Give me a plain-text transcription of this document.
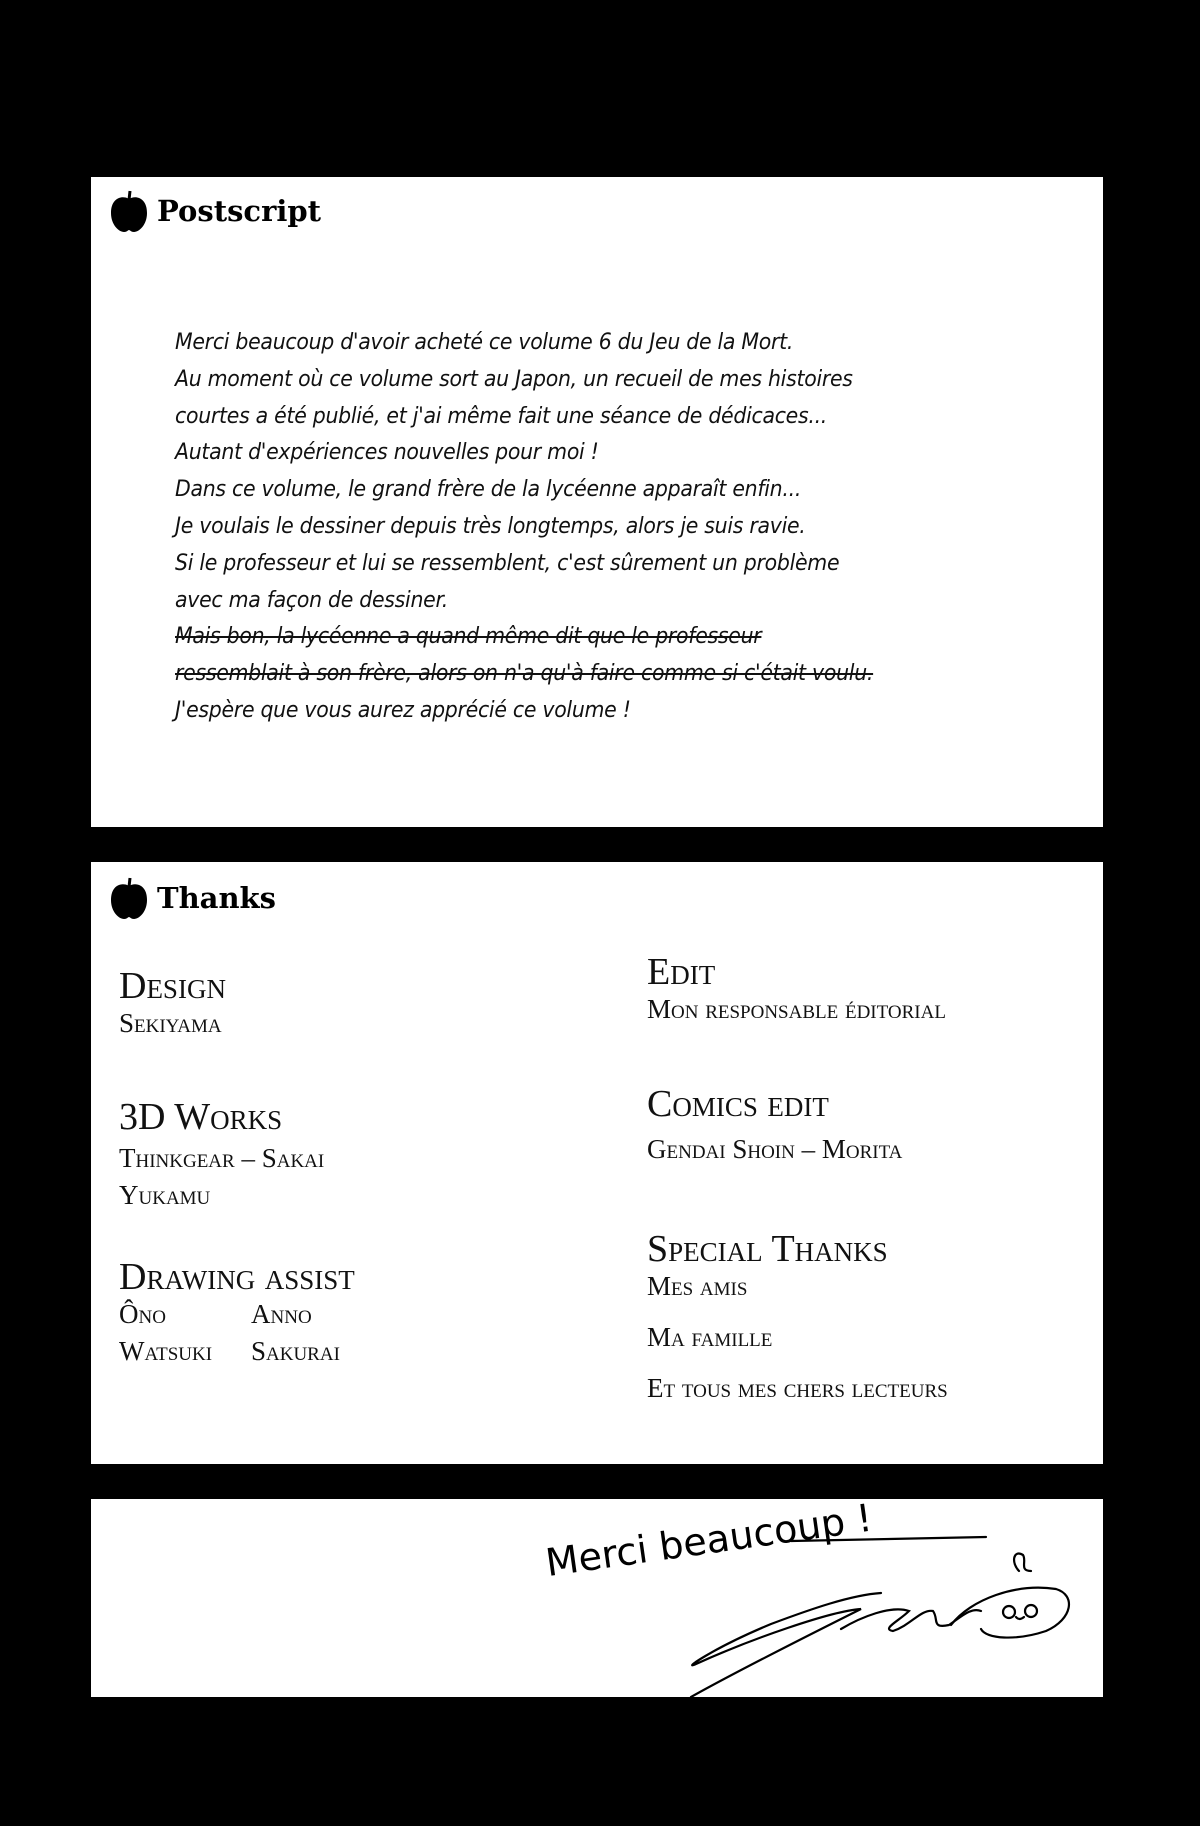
Postscript
Merci beaucoup d'avoir acheté ce volume 6 du Jeu de la Mort.
Au moment où ce volume sort au Japon, un recueil de mes histoires
courtes a été publié, et j'ai même fait une séance de dédicaces...
Autant d'expériences nouvelles pour moi !
Dans ce volume, le grand frère de la lycéenne apparaît enfin...
Je voulais le dessiner depuis très longtemps, alors je suis ravie.
Si le professeur et lui se ressemblent, c'est sûrement un problème
avec ma façon de dessiner.
Mais bon, la lycéenne a quand même dit que le professeur
ressemblait à son frère, alors on n'a qu'à faire comme si c'était voulu.
J'espère que vous aurez apprécié ce volume !
Thanks
Design
Sekiyama
3D Works
Thinkgear – Sakai
Yukamu
Drawing assist
Ôno	Anno
Watsuki	Sakurai
Edit
Mon responsable éditorial
Comics edit
Gendai Shoin – Morita
Special Thanks
Mes amis
Ma famille
Et tous mes chers lecteurs
Merci beaucoup !
